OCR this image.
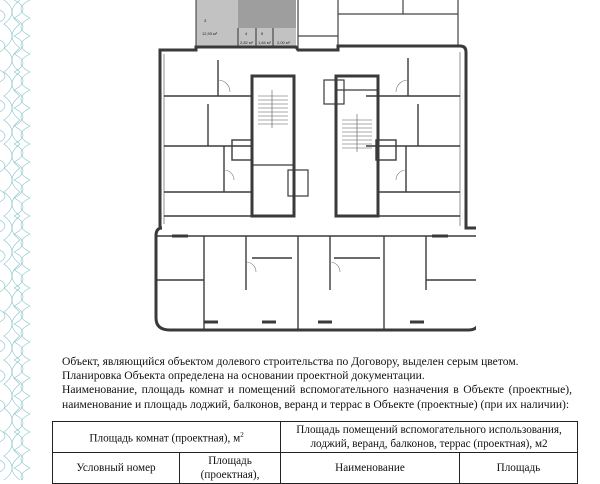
3
12,93 м²	4	5
2,82 м² 1,64 м² 2,00 м²

Объект, являющийся объектом долевого строительства по Договору, выделен серым цветом.

Планировка Объекта определена на основании проектной документации.

Наименование, площадь комнат и помещений вспомогательного назначения в Объекте (проектные), наименование и площадь лоджий, балконов, веранд и террас в Объекте (проектные) (при их наличии):

Площадь комнат (проектная), $м^2$		Площадь помещений вспомогательного использования, лоджий, веранд, балконов, террас (проектная), м2	
Условный номер	Площадь (проектная),	Наименование	Площадь
